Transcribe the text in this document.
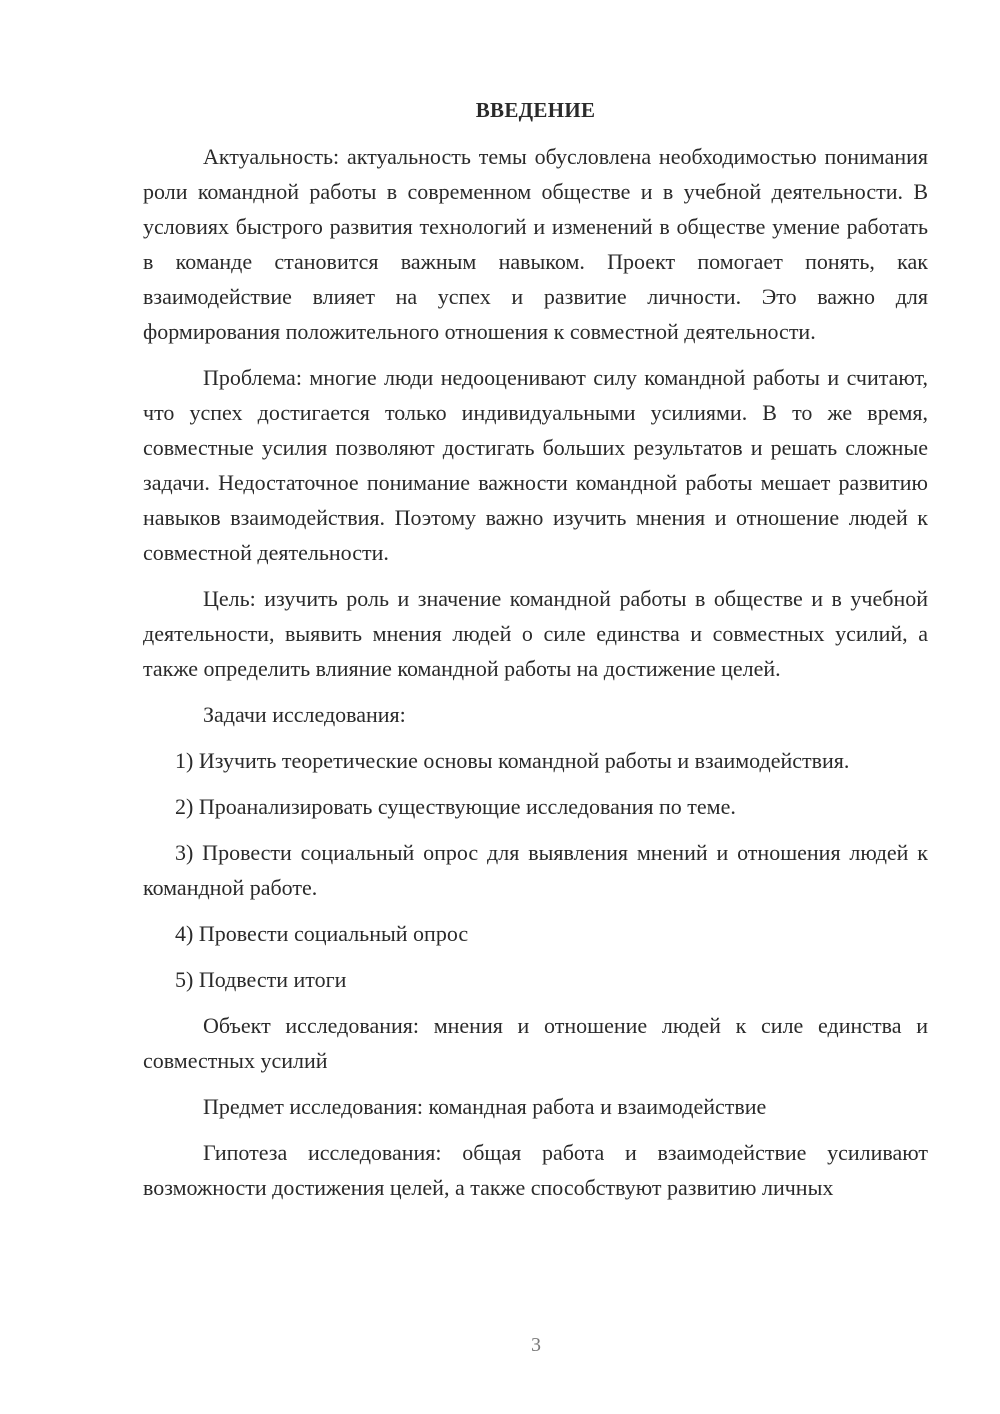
ВВЕДЕНИЕ

Актуальность: актуальность темы обусловлена необходимостью понимания роли командной работы в современном обществе и в учебной деятельности. В условиях быстрого развития технологий и изменений в обществе умение работать в команде становится важным навыком. Проект помогает понять, как взаимодействие влияет на успех и развитие личности. Это важно для формирования положительного отношения к совместной деятельности.

Проблема: многие люди недооценивают силу командной работы и считают, что успех достигается только индивидуальными усилиями. В то же время, совместные усилия позволяют достигать больших результатов и решать сложные задачи. Недостаточное понимание важности командной работы мешает развитию навыков взаимодействия. Поэтому важно изучить мнения и отношение людей к совместной деятельности.

Цель: изучить роль и значение командной работы в обществе и в учебной деятельности, выявить мнения людей о силе единства и совместных усилий, а также определить влияние командной работы на достижение целей.

Задачи исследования:

1) Изучить теоретические основы командной работы и взаимодействия.

2) Проанализировать существующие исследования по теме.

3) Провести социальный опрос для выявления мнений и отношения людей к командной работе.

4) Провести социальный опрос

5) Подвести итоги

Объект исследования: мнения и отношение людей к силе единства и совместных усилий

Предмет исследования: командная работа и взаимодействие

Гипотеза исследования: общая работа и взаимодействие усиливают возможности достижения целей, а также способствуют развитию личных

3
